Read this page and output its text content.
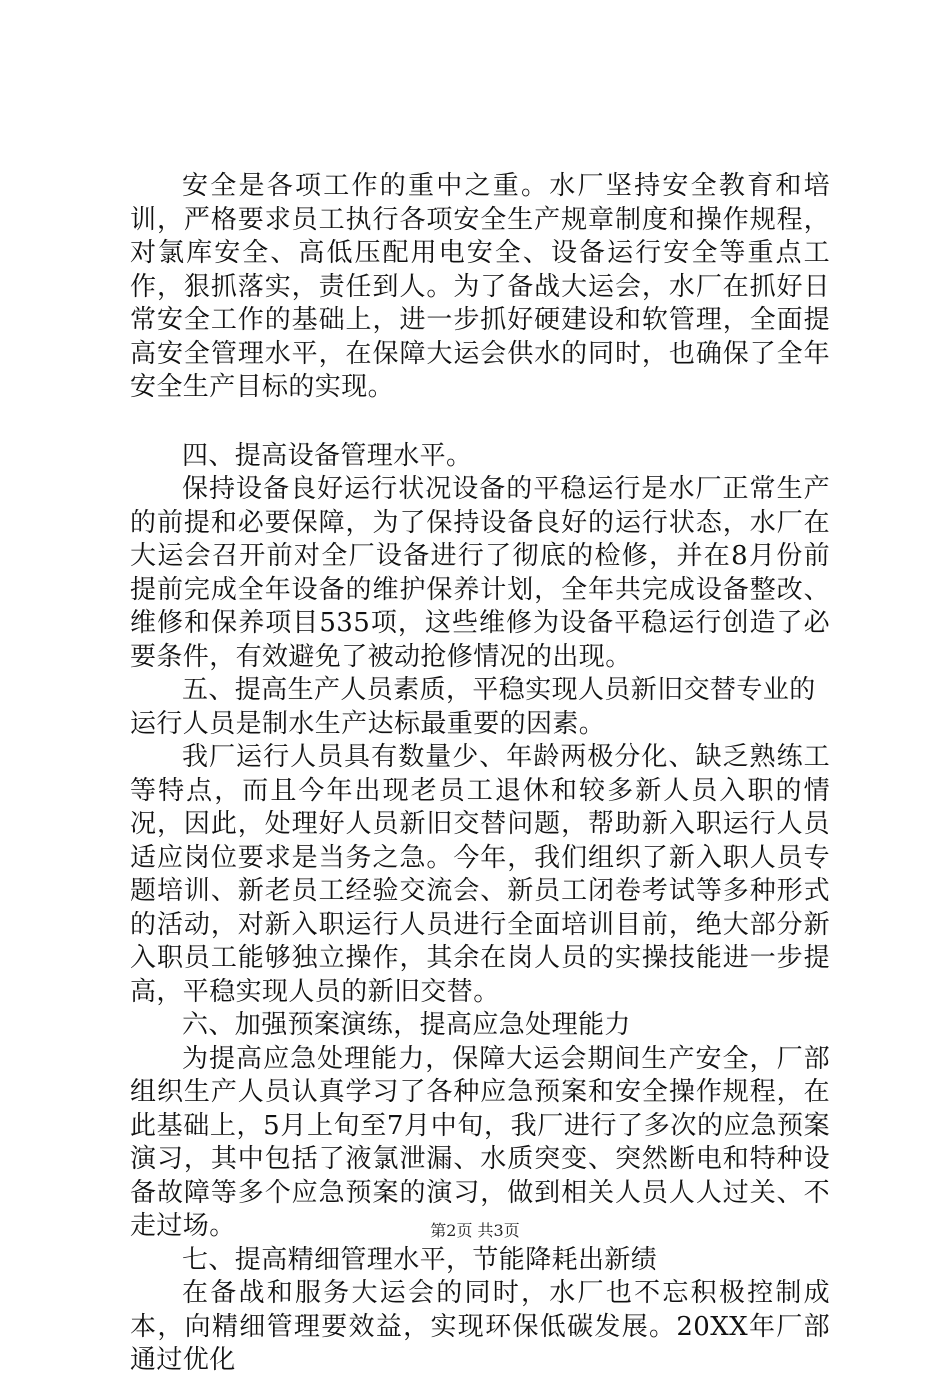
安全是各项工作的重中之重。水厂坚持安全教育和培训，严格要求员工执行各项安全生产规章制度和操作规程，对氯库安全、高低压配用电安全、设备运行安全等重点工作，狠抓落实，责任到人。为了备战大运会，水厂在抓好日常安全工作的基础上，进一步抓好硬建设和软管理，全面提高安全管理水平，在保障大运会供水的同时，也确保了全年安全生产目标的实现。

四、提高设备管理水平。

保持设备良好运行状况设备的平稳运行是水厂正常生产的前提和必要保障，为了保持设备良好的运行状态，水厂在大运会召开前对全厂设备进行了彻底的检修，并在8月份前提前完成全年设备的维护保养计划，全年共完成设备整改、维修和保养项目535项，这些维修为设备平稳运行创造了必要条件，有效避免了被动抢修情况的出现。

五、提高生产人员素质，平稳实现人员新旧交替专业的运行人员是制水生产达标最重要的因素。

我厂运行人员具有数量少、年龄两极分化、缺乏熟练工等特点，而且今年出现老员工退休和较多新人员入职的情况，因此，处理好人员新旧交替问题，帮助新入职运行人员适应岗位要求是当务之急。今年，我们组织了新入职人员专题培训、新老员工经验交流会、新员工闭卷考试等多种形式的活动，对新入职运行人员进行全面培训目前，绝大部分新入职员工能够独立操作，其余在岗人员的实操技能进一步提高，平稳实现人员的新旧交替。

六、加强预案演练，提高应急处理能力

为提高应急处理能力，保障大运会期间生产安全，厂部组织生产人员认真学习了各种应急预案和安全操作规程，在此基础上，5月上旬至7月中旬，我厂进行了多次的应急预案演习，其中包括了液氯泄漏、水质突变、突然断电和特种设备故障等多个应急预案的演习，做到相关人员人人过关、不走过场。

七、提高精细管理水平，节能降耗出新绩

在备战和服务大运会的同时，水厂也不忘积极控制成本，向精细管理要效益，实现环保低碳发展。20XX年厂部通过优化

第2页 共3页
